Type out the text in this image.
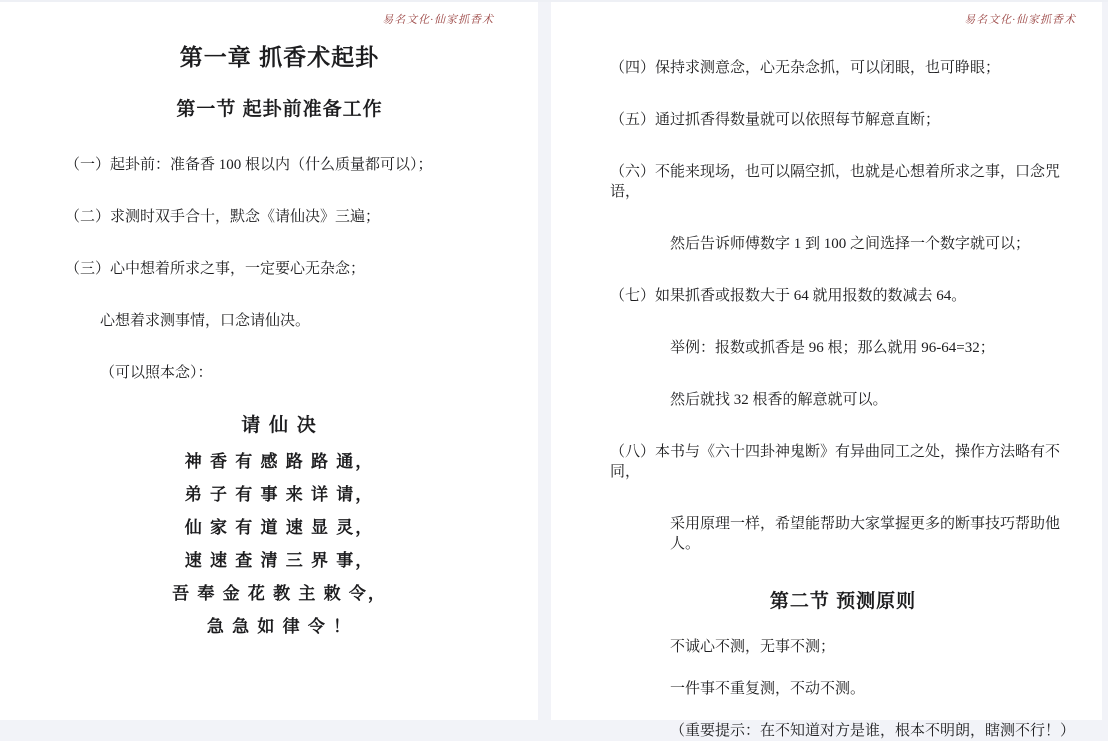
易名文化·仙家抓香术
第一章 抓香术起卦
第一节 起卦前准备工作
（一）起卦前：准备香 100 根以内（什么质量都可以）；
（二）求测时双手合十，默念《请仙决》三遍；
（三）心中想着所求之事，一定要心无杂念；
心想着求测事情，口念请仙决。
（可以照本念）：
请 仙 决
神 香 有 感 路 路 通，
弟 子 有 事 来 详 请，
仙 家 有 道 速 显 灵，
速 速 查 清 三 界 事，
吾 奉 金 花 教 主 敕 令，
急 急 如 律 令 ！
易名文化·仙家抓香术
（四）保持求测意念，心无杂念抓，可以闭眼，也可睁眼；
（五）通过抓香得数量就可以依照每节解意直断；
（六）不能来现场，也可以隔空抓，也就是心想着所求之事，口念咒语，
然后告诉师傅数字 1 到 100 之间选择一个数字就可以；
（七）如果抓香或报数大于 64 就用报数的数减去 64。
举例：报数或抓香是 96 根；那么就用 96-64=32；
然后就找 32 根香的解意就可以。
（八）本书与《六十四卦神鬼断》有异曲同工之处，操作方法略有不同，
采用原理一样，希望能帮助大家掌握更多的断事技巧帮助他人。
第二节 预测原则
不诚心不测，无事不测；
一件事不重复测，不动不测。
（重要提示：在不知道对方是谁，根本不明朗，瞎测不行！）
